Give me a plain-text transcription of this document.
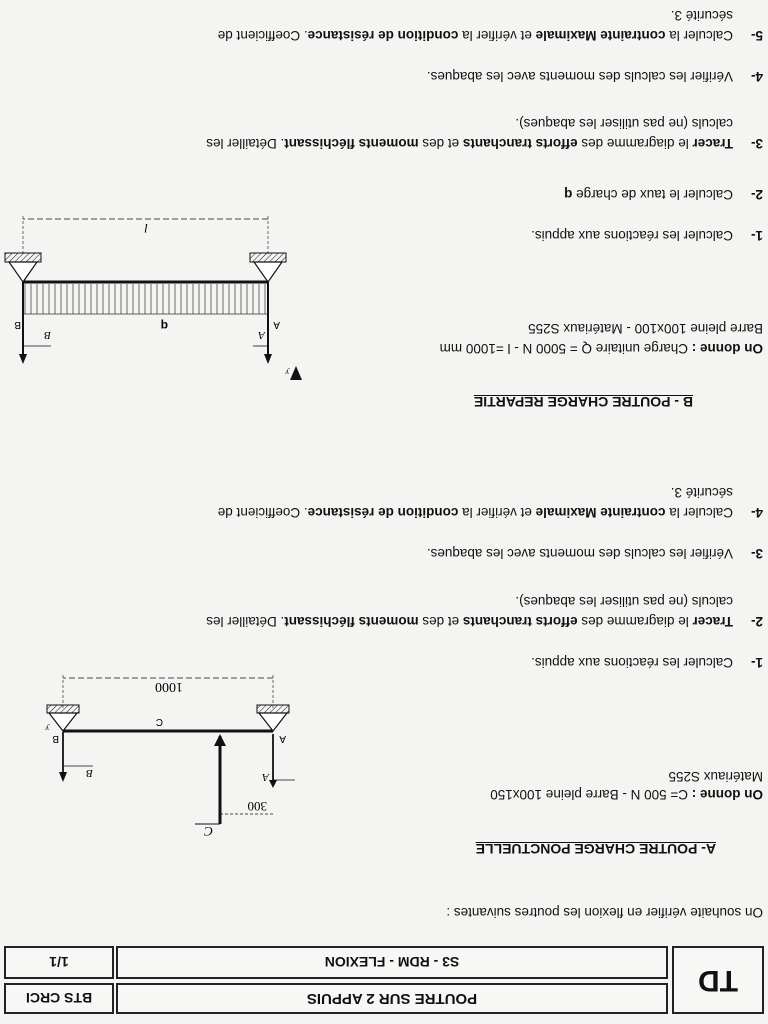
TD
POUTRE SUR 2 APPUIS
BTS CRCI
S3 - RDM - FLEXION
1/1
On souhaite vérifier en flexion les poutres suivantes :
A- POUTRE CHARGE PONCTUELLE
On donne : C= 500 N - Barre pleine 100x150
Matériaux S255
C
300
A
B
y
A
B
C
1000
1-Calculer les réactions aux appuis.
2-Tracer le diagramme des efforts tranchants et des moments fléchissant. Détailler les
calculs (ne pas utiliser les abaques).
3-Vérifier les calculs des moments avec les abaques.
4-Calculer la contrainte Maximale et vérifier la condition de résistance. Coefficient de
sécurité 3.
B - POUTRE CHARGE REPARTIE
On donne : Charge unitaire Q = 5000 N - l =1000 mm
Barre pleine 100x100 - Matériaux S255
y
A
B
q	A
B
l	1-Calculer les réactions aux appuis.
2-Calculer le taux de charge q
3-Tracer le diagramme des efforts tranchants et des moments fléchissant. Détailler les
calculs (ne pas utiliser les abaques).
4-Vérifier les calculs des moments avec les abaques.
5-Calculer la contrainte Maximale et vérifier la condition de résistance. Coefficient de
sécurité 3.
